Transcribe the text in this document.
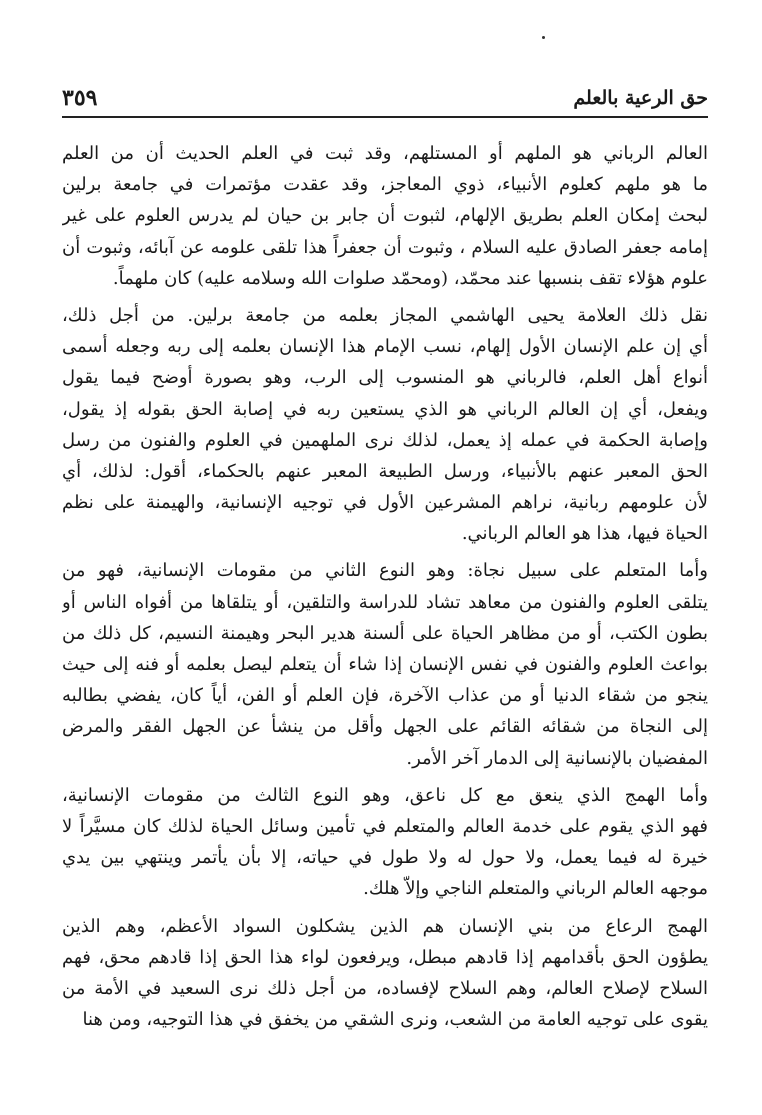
حق الرعية بالعلم
٣٥٩
العالم الرباني هو الملهم أو المستلهم، وقد ثبت في العلم الحديث أن من العلم
ما هو ملهم كعلوم الأنبياء، ذوي المعاجز، وقد عقدت مؤتمرات في جامعة برلين
لبحث إمكان العلم بطريق الإلهام، لثبوت أن جابر بن حيان لم يدرس العلوم على غير
إمامه جعفر الصادق عليه السلام ، وثبوت أن جعفراً هذا تلقى علومه عن آبائه، وثبوت أن
علوم هؤلاء تقف بنسبها عند محمّد، (ومحمّد صلوات الله وسلامه عليه) كان ملهماً.
نقل ذلك العلامة يحيى الهاشمي المجاز بعلمه من جامعة برلين. من أجل ذلك،
أي إن علم الإنسان الأول إلهام، نسب الإمام هذا الإنسان بعلمه إلى ربه وجعله أسمى
أنواع أهل العلم، فالرباني هو المنسوب إلى الرب، وهو بصورة أوضح فيما يقول
ويفعل، أي إن العالم الرباني هو الذي يستعين ربه في إصابة الحق بقوله إذ يقول،
وإصابة الحكمة في عمله إذ يعمل، لذلك نرى الملهمين في العلوم والفنون من رسل
الحق المعبر عنهم بالأنبياء، ورسل الطبيعة المعبر عنهم بالحكماء، أقول: لذلك، أي
لأن علومهم ربانية، نراهم المشرعين الأول في توجيه الإنسانية، والهيمنة على نظم
الحياة فيها، هذا هو العالم الرباني.
وأما المتعلم على سبيل نجاة: وهو النوع الثاني من مقومات الإنسانية، فهو من
يتلقى العلوم والفنون من معاهد تشاد للدراسة والتلقين، أو يتلقاها من أفواه الناس أو
بطون الكتب، أو من مظاهر الحياة على ألسنة هدير البحر وهيمنة النسيم، كل ذلك من
بواعث العلوم والفنون في نفس الإنسان إذا شاء أن يتعلم ليصل بعلمه أو فنه إلى حيث
ينجو من شقاء الدنيا أو من عذاب الآخرة، فإن العلم أو الفن، أياً كان، يفضي بطالبه
إلى النجاة من شقائه القائم على الجهل وأقل من ينشأ عن الجهل الفقر والمرض
المفضيان بالإنسانية إلى الدمار آخر الأمر.
وأما الهمج الذي ينعق مع كل ناعق، وهو النوع الثالث من مقومات الإنسانية،
فهو الذي يقوم على خدمة العالم والمتعلم في تأمين وسائل الحياة لذلك كان مسيَّراً لا
خيرة له فيما يعمل، ولا حول له ولا طول في حياته، إلا بأن يأتمر وينتهي بين يدي
موجهه العالم الرباني والمتعلم الناجي وإلاّ هلك.
الهمج الرعاع من بني الإنسان هم الذين يشكلون السواد الأعظم، وهم الذين
يطؤون الحق بأقدامهم إذا قادهم مبطل، ويرفعون لواء هذا الحق إذا قادهم محق، فهم
السلاح لإصلاح العالم، وهم السلاح لإفساده، من أجل ذلك نرى السعيد في الأمة من
يقوى على توجيه العامة من الشعب، ونرى الشقي من يخفق في هذا التوجيه، ومن هنا
